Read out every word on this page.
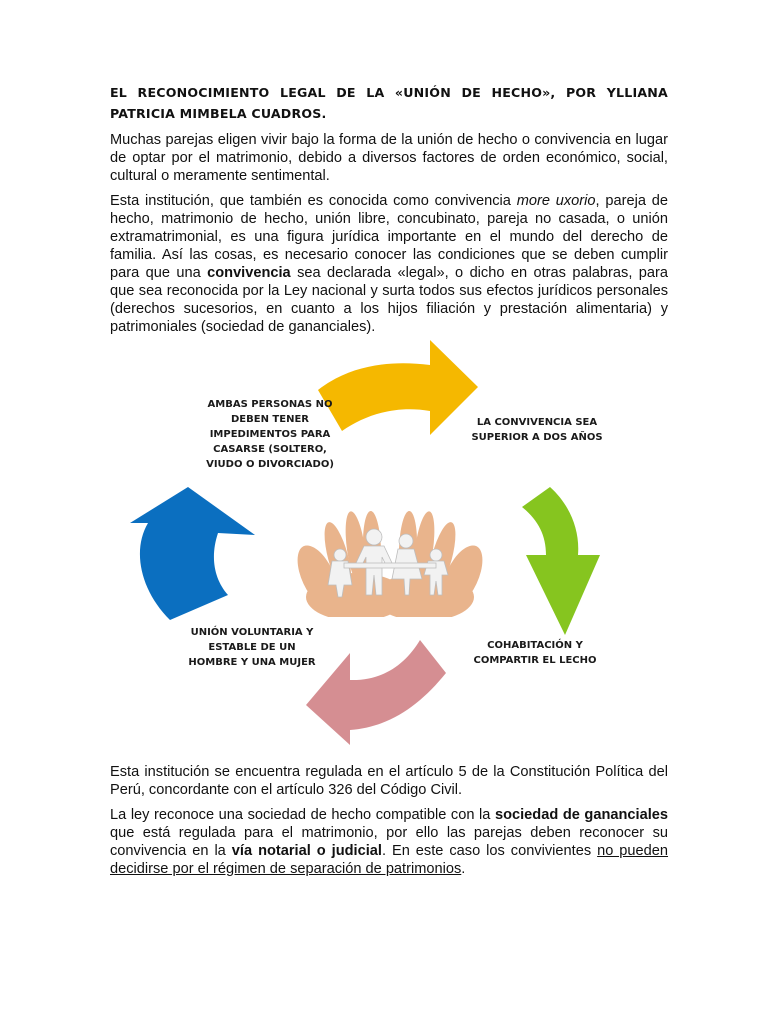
EL RECONOCIMIENTO LEGAL DE LA «UNIÓN DE HECHO», POR YLLIANA PATRICIA MIMBELA CUADROS.

Muchas parejas eligen vivir bajo la forma de la unión de hecho o convivencia en lugar de optar por el matrimonio, debido a diversos factores de orden económico, social, cultural o meramente sentimental.

Esta institución, que también es conocida como convivencia more uxorio, pareja de hecho, matrimonio de hecho, unión libre, concubinato, pareja no casada, o unión extramatrimonial, es una figura jurídica importante en el mundo del derecho de familia. Así las cosas, es necesario conocer las condiciones que se deben cumplir para que una convivencia sea declarada «legal», o dicho en otras palabras, para que sea reconocida por la Ley nacional y surta todos sus efectos jurídicos personales (derechos sucesorios, en cuanto a los hijos filiación y prestación alimentaria) y patrimoniales (sociedad de gananciales).

AMBAS PERSONAS NO
DEBEN TENER
IMPEDIMENTOS PARA
CASARSE (SOLTERO,
VIUDO O DIVORCIADO)
LA CONVIVENCIA SEA
SUPERIOR A DOS AÑOS
COHABITACIÓN Y
COMPARTIR EL LECHO
UNIÓN VOLUNTARIA Y
ESTABLE DE UN
HOMBRE Y UNA MUJER

Esta institución se encuentra regulada en el artículo 5 de la Constitución Política del Perú, concordante con el artículo 326 del Código Civil.

La ley reconoce una sociedad de hecho compatible con la sociedad de gananciales que está regulada para el matrimonio, por ello las parejas deben reconocer su convivencia en la vía notarial o judicial. En este caso los convivientes no pueden decidirse por el régimen de separación de patrimonios.
